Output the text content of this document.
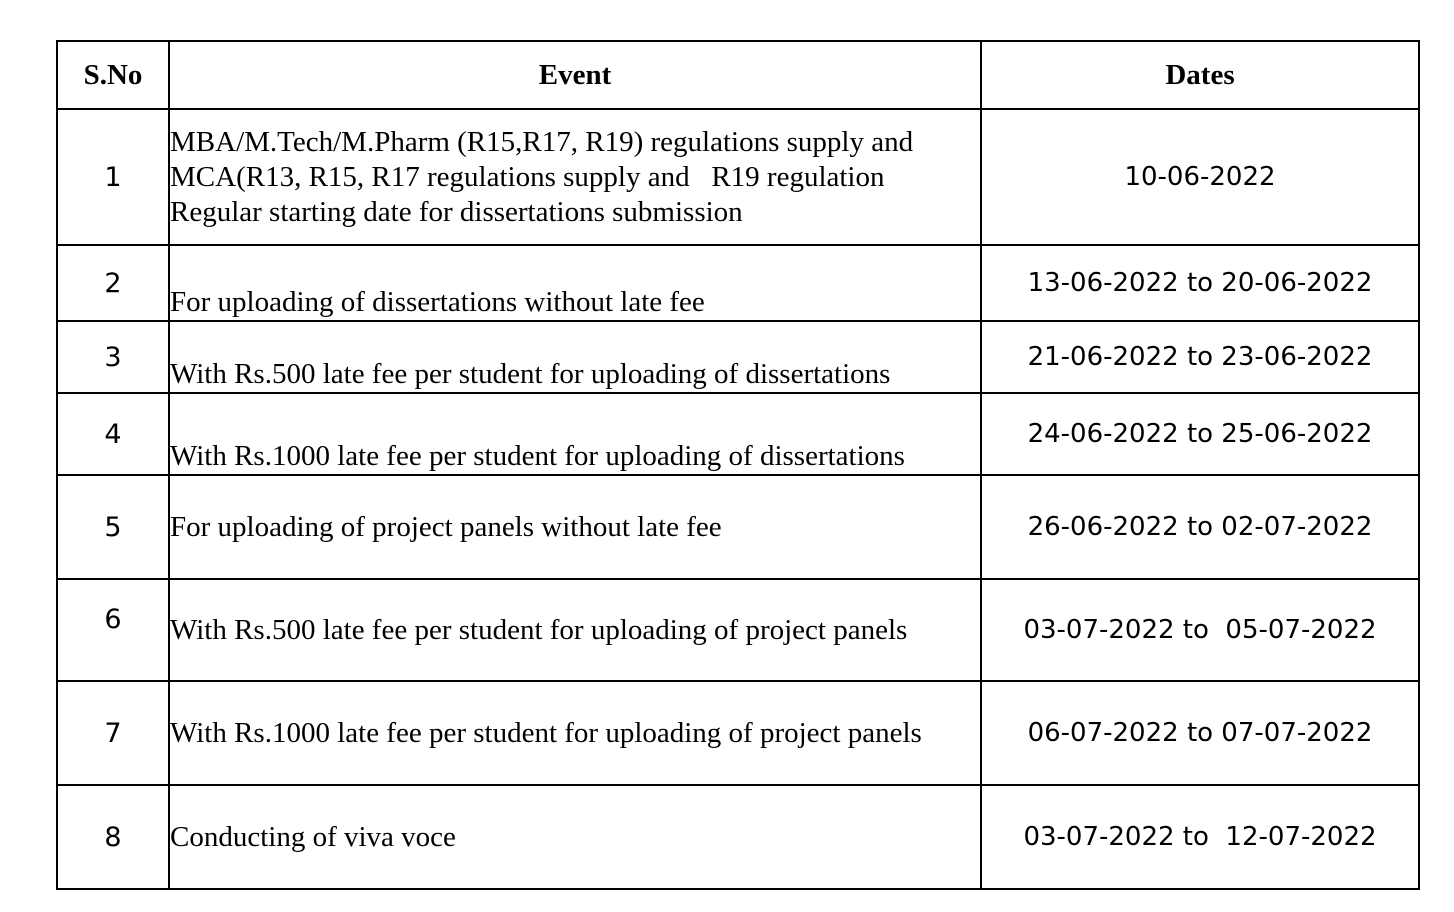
S.No	Event	Dates
1	MBA/M.Tech/M.Pharm (R15,R17, R19) regulations supply and
MCA(R13, R15, R17 regulations supply and   R19 regulation
Regular starting date for dissertations submission	10-06-2022
2	For uploading of dissertations without late fee	13-06-2022 to 20-06-2022
3	With Rs.500 late fee per student for uploading of dissertations	21-06-2022 to 23-06-2022
4	With Rs.1000 late fee per student for uploading of dissertations	24-06-2022 to 25-06-2022
5	For uploading of project panels without late fee	26-06-2022 to 02-07-2022
6	With Rs.500 late fee per student for uploading of project panels	03-07-2022 to  05-07-2022
7	With Rs.1000 late fee per student for uploading of project panels	06-07-2022 to 07-07-2022
8	Conducting of viva voce	03-07-2022 to  12-07-2022
